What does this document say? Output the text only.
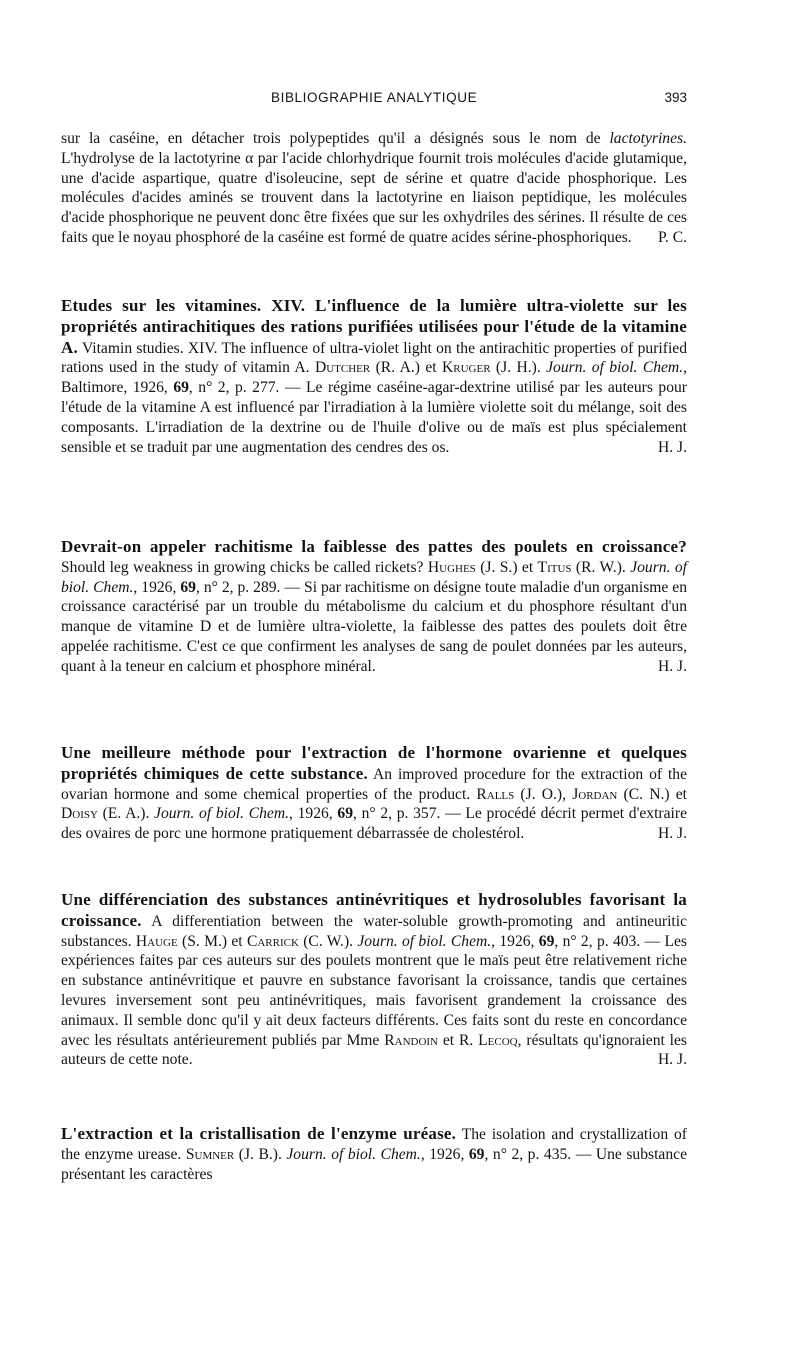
BIBLIOGRAPHIE ANALYTIQUE	393

sur la caséine, en détacher trois polypeptides qu'il a désignés sous le nom de lactotyrines. L'hydrolyse de la lactotyrine α par l'acide chlorhydrique fournit trois molécules d'acide glutamique, une d'acide aspartique, quatre d'isoleucine, sept de sérine et quatre d'acide phosphorique. Les molécules d'acides aminés se trouvent dans la lactotyrine en liaison peptidique, les molécules d'acide phosphorique ne peuvent donc être fixées que sur les oxhydriles des sérines. Il résulte de ces faits que le noyau phosphoré de la caséine est formé de quatre acides sérine-phosphoriques. P. C.

Etudes sur les vitamines. XIV. L'influence de la lumière ultra-violette sur les propriétés antirachitiques des rations purifiées utilisées pour l'étude de la vitamine A. Vitamin studies. XIV. The influence of ultra-violet light on the antirachitic properties of purified rations used in the study of vitamin A. Dutcher (R. A.) et Kruger (J. H.). Journ. of biol. Chem., Baltimore, 1926, 69, n° 2, p. 277. — Le régime caséine-agar-dextrine utilisé par les auteurs pour l'étude de la vitamine A est influencé par l'irradiation à la lumière violette soit du mélange, soit des composants. L'irradiation de la dextrine ou de l'huile d'olive ou de maïs est plus spécialement sensible et se traduit par une augmentation des cendres des os.	H. J.

Devrait-on appeler rachitisme la faiblesse des pattes des poulets en croissance? Should leg weakness in growing chicks be called rickets? Hughes (J. S.) et Titus (R. W.). Journ. of biol. Chem., 1926, 69, n° 2, p. 289. — Si par rachitisme on désigne toute maladie d'un organisme en croissance caractérisé par un trouble du métabolisme du calcium et du phosphore résultant d'un manque de vitamine D et de lumière ultra-violette, la faiblesse des pattes des poulets doit être appelée rachitisme. C'est ce que confirment les analyses de sang de poulet données par les auteurs, quant à la teneur en calcium et phosphore minéral.	H. J.

Une meilleure méthode pour l'extraction de l'hormone ovarienne et quelques propriétés chimiques de cette substance. An improved procedure for the extraction of the ovarian hormone and some chemical properties of the product. Ralls (J. O.), Jordan (C. N.) et Doisy (E. A.). Journ. of biol. Chem., 1926, 69, n° 2, p. 357. — Le procédé décrit permet d'extraire des ovaires de porc une hormone pratiquement débarrassée de cholestérol.	H. J.

Une différenciation des substances antinévritiques et hydrosolubles favorisant la croissance. A differentiation between the water-soluble growth-promoting and antineuritic substances. Hauge (S. M.) et Carrick (C. W.). Journ. of biol. Chem., 1926, 69, n° 2, p. 403. — Les expériences faites par ces auteurs sur des poulets montrent que le maïs peut être relativement riche en substance antinévritique et pauvre en substance favorisant la croissance, tandis que certaines levures inversement sont peu antinévritiques, mais favorisent grandement la croissance des animaux. Il semble donc qu'il y ait deux facteurs différents. Ces faits sont du reste en concordance avec les résultats antérieurement publiés par Mme Randoin et R. Lecoq, résultats qu'ignoraient les auteurs de cette note.	H. J.

L'extraction et la cristallisation de l'enzyme uréase. The isolation and crystallization of the enzyme urease. Sumner (J. B.). Journ. of biol. Chem., 1926, 69, n° 2, p. 435. — Une substance présentant les caractères
